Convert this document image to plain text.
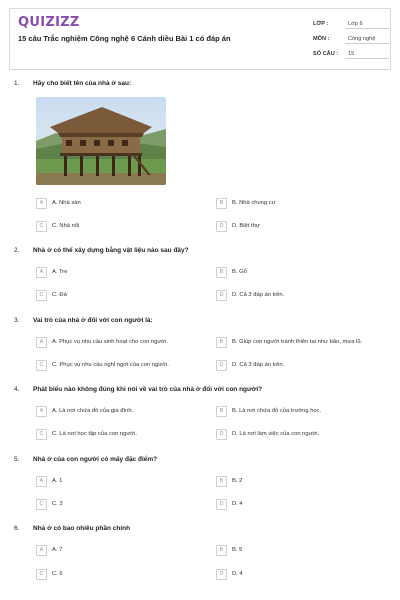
QUIZIZZ
15 câu Trắc nghiệm Công nghệ 6 Cánh diều Bài 1 có đáp án
LỚP :	Lớp 6
MÔN :	Công nghệ
SỐ CÂU :	15
1. Hãy cho biết tên của nhà ở sau:
A	A. Nhà sàn	B	B. Nhà chung cư
C	C. Nhà nổi	D	D. Biệt thự
2. Nhà ở có thể xây dựng bằng vật liệu nào sau đây?
A	A. Tre	B	B. Gỗ
C	C. Đá	D	D. Cả 3 đáp án trên.
3. Vai trò của nhà ở đối với con người là:
A	A. Phục vụ nhu cầu sinh hoạt cho con người.	B	B. Giúp con người tránh thiên tai như bão, mưa lũ.
C	C. Phục vụ nhu cầu nghỉ ngơi của con người.	D	D. Cả 3 đáp án trên.
4. Phát biểu nào không đúng khi nói về vai trò của nhà ở đối với con người?
A	A. Là nơi chứa đồ của gia đình.	B	B. Là nơi chứa đồ của trường học.
C	C. Là nơi học tập của con người.	D	D. Là nơi làm việc của con người.
5. Nhà ở của con người có mấy đặc điểm?
A	A. 1	B	B. 2
C	C. 3	D	D. 4
6. Nhà ở có bao nhiêu phần chính
A	A. 7	B	B. 5
C	C. 6	D	D. 4
